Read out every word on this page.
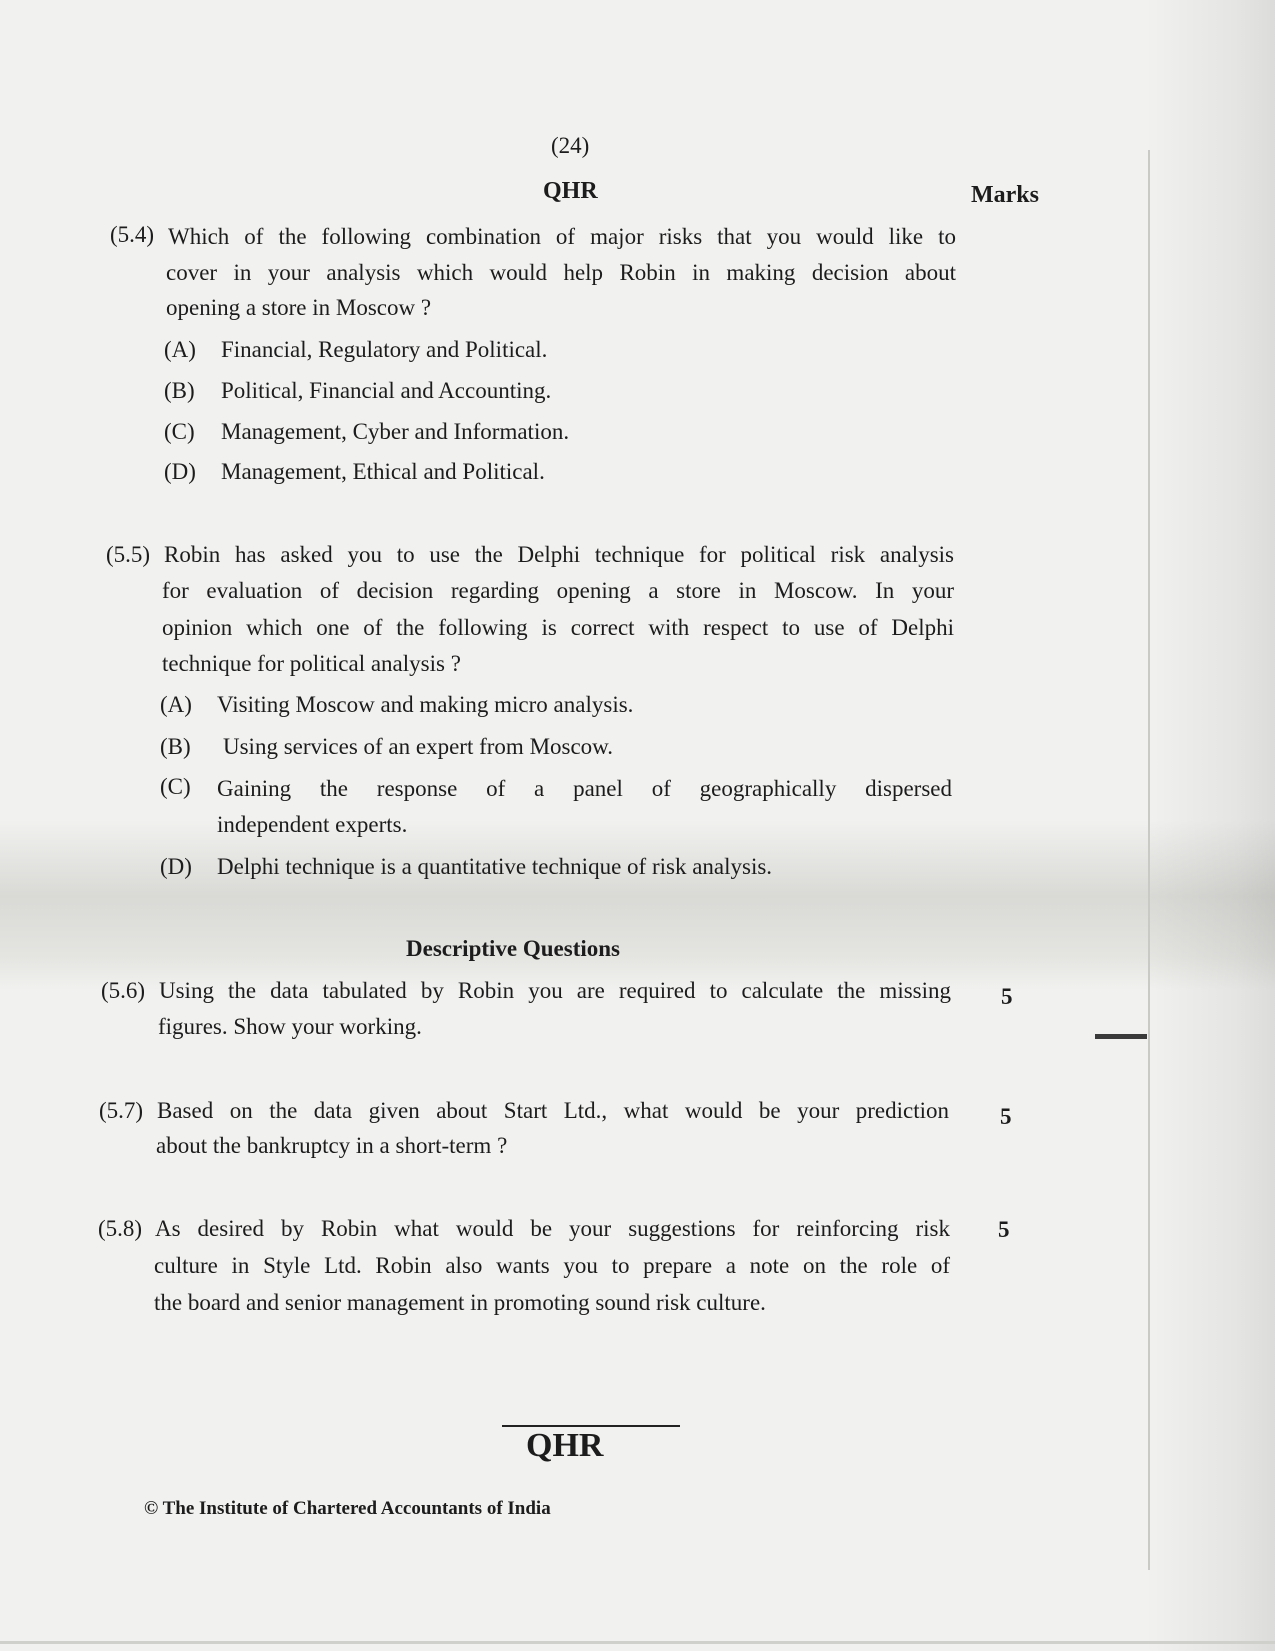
(24)
QHR	Marks
(5.4) Which of the following combination of major risks that you would like to
cover in your analysis which would help Robin in making decision about
opening a store in Moscow ?
(A) Financial, Regulatory and Political.
(B) Political, Financial and Accounting.
(C) Management, Cyber and Information.
(D) Management, Ethical and Political.
(5.5) Robin has asked you to use the Delphi technique for political risk analysis
for evaluation of decision regarding opening a store in Moscow. In your
opinion which one of the following is correct with respect to use of Delphi
technique for political analysis ?
(A) Visiting Moscow and making micro analysis.
(B) Using services of an expert from Moscow.
(C) Gaining the response of a panel of geographically dispersed
independent experts.
(D) Delphi technique is a quantitative technique of risk analysis.
Descriptive Questions
(5.6) Using the data tabulated by Robin you are required to calculate the missing
figures. Show your working.
5
(5.7) Based on the data given about Start Ltd., what would be your prediction
about the bankruptcy in a short-term ?
5
(5.8) As desired by Robin what would be your suggestions for reinforcing risk
culture in Style Ltd. Robin also wants you to prepare a note on the role of
the board and senior management in promoting sound risk culture.
5
QHR
© The Institute of Chartered Accountants of India
